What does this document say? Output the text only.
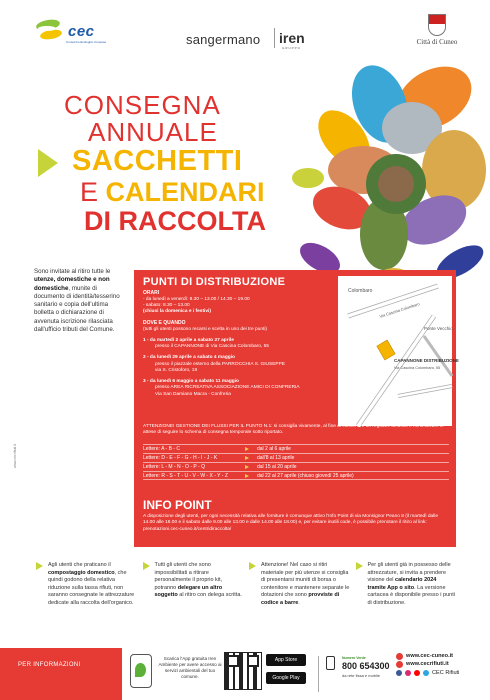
cec
Consorzio Ecologico Cuneese	sangermano iren
GRUPPO
Città di Cuneo
CONSEGNA
ANNUALE
SACCHETTI
E CALENDARI
DI RACCOLTA
Sono invitate al ritiro tutte le utenze, domestiche e non domestiche, munite di documento di identità/tesserino sanitario e copia dell'ultima bolletta o dichiarazione di avvenuta iscrizione rilasciata dall'ufficio tributi del Comune.
www.cecrifiuti.it
PUNTI DI DISTRIBUZIONE
ORARI
- da lunedì a venerdì: 8.30 – 13.00 / 14.30 – 19.00
- sabato: 8.30 – 13.00
(chiusi la domenica e i festivi)
DOVE E QUANDO
(tutti gli utenti possono recarsi e scelta in uno dei tre punti)
1 - da martedì 2 aprile a sabato 27 aprile
presso il CAPANNONE di Via Cascina Colombaro, 55
2 - da lunedì 29 aprile a sabato 4 maggio
presso il piazzale esterno della PARROCCHIA S. GIUSEPPE
via S. Cristoforo, 18
3 - da lunedì 6 maggio a sabato 11 maggio
presso AREA RICREATIVA ASSOCIAZIONE AMICI DI CONFRERIA
Via San Damiano Macra - Confreria
Colombaro
Via Cascina Colombaro
Ponte Vecchio
CAPANNONE DISTRIBUZIONE
Via Cascina Colombaro, 55
ATTENZIONE! GESTIONE DEI FLUSSI PER IL PUNTO N.1: si consiglia vivamente, al fine di consentire un regolare afflusso e minimizzare le attese di seguire lo schema di consegna temporale sotto riportato.
Lettere: A - B - C	dal 2 al 6 aprile
Lettere: D - E - F - G - H - I - J - K	dall'8 al 13 aprile
Lettere: L - M - N - O - P - Q	dal 15 al 20 aprile
Lettere: R - S - T - U - V - W - X - Y - Z	dal 22 al 27 aprile (chiuso giovedì 25 aprile)
INFO POINT
A disposizione degli utenti, per ogni necessità relativa alle forniture è comunque attivo l'Info Point di via Monsignor Peano 8 (il martedì dalle 14.00 alle 18.00 e il sabato dalle 9.00 alle 13.00 e dalle 14.00 alle 18.00) e, per evitare inutili code, è possibile prenotare il ritiro al link: prenotazioni.cec-cuneo.it/centridiraccolta/
Agli utenti che praticano il compostaggio domestico, che quindi godono della relativa riduzione sulla tassa rifiuti, non saranno consegnate le attrezzature dedicate alla raccolta dell'organico.
Tutti gli utenti che sono impossibilitati a ritirare personalmente il proprio kit, potranno delegare un altro soggetto al ritiro con delega scritta.
Attenzione! Nel caso si ritiri materiale per più utenze si consiglia di presentarsi muniti di borsa o contenitore e mantenere separate le dotazioni che sono provviste di codice a barre.
Per gli utenti già in possesso delle attrezzature, si invita a prendere visione del calendario 2024 tramite App o sito. La versione cartacea è disponibile presso i punti di distribuzione.
PER INFORMAZIONI
Scarica l'App gratuita Iren Ambiente per avere accesso ai servizi ambientali del tuo comune.
App Store
Google Play
Numero Verde
800 654300
da rete fissa e mobile
www.cec-cuneo.it
www.cecrifiuti.it
CEC Rifiuti
